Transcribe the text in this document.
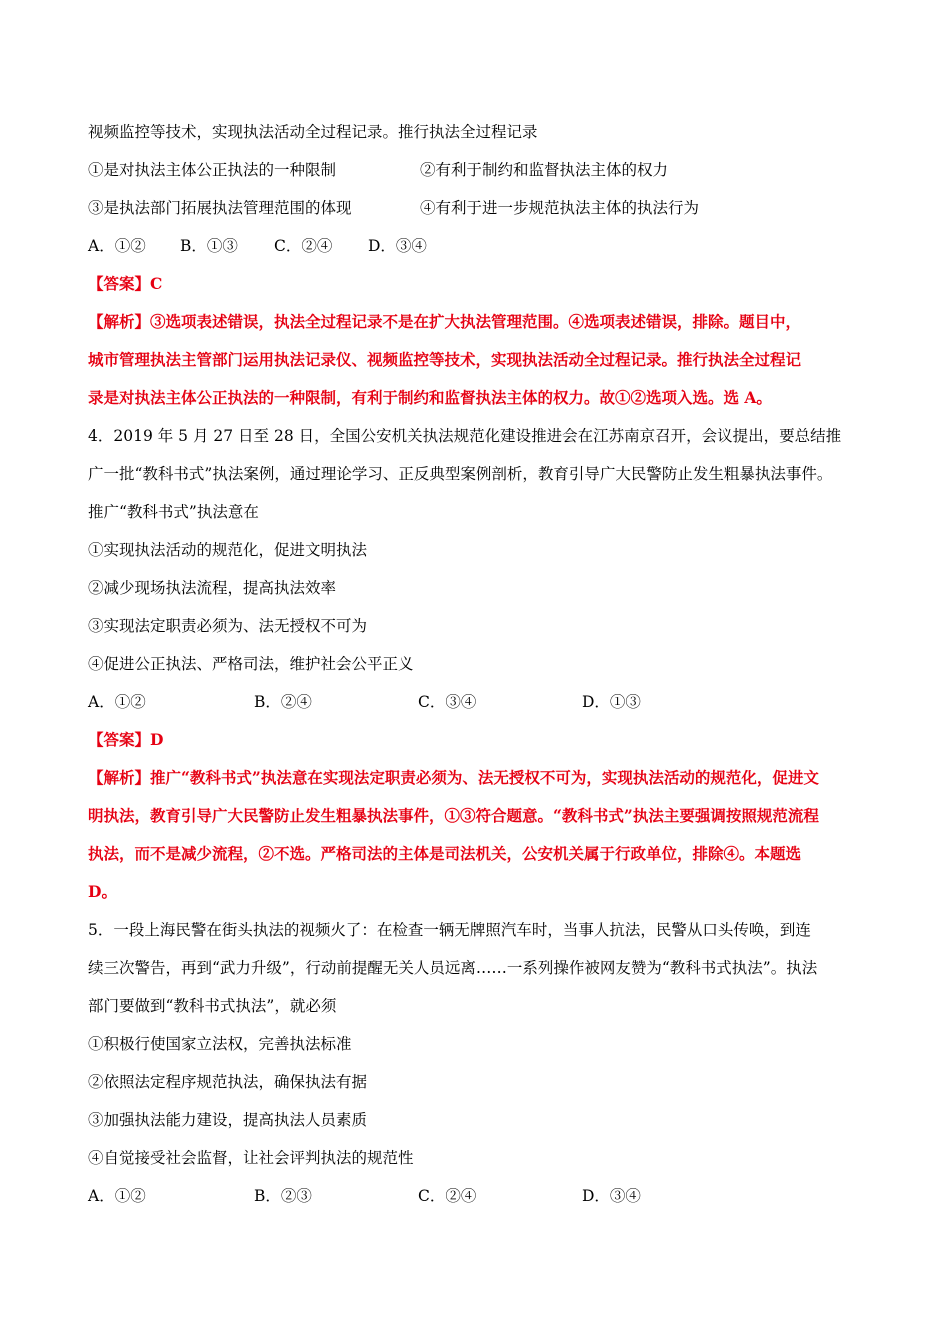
视频监控等技术，实现执法活动全过程记录。推行执法全过程记录
①是对执法主体公正执法的一种限制	②有利于制约和监督执法主体的权力
③是执法部门拓展执法管理范围的体现	④有利于进一步规范执法主体的执法行为
A．①② B．①③ C．②④ D．③④
【答案】C
【解析】③选项表述错误，执法全过程记录不是在扩大执法管理范围。④选项表述错误，排除。题目中，
城市管理执法主管部门运用执法记录仪、视频监控等技术，实现执法活动全过程记录。推行执法全过程记
录是对执法主体公正执法的一种限制，有利于制约和监督执法主体的权力。故①②选项入选。选 A。
4．2019 年 5 月 27 日至 28 日，全国公安机关执法规范化建设推进会在江苏南京召开，会议提出，要总结推
广一批“教科书式”执法案例，通过理论学习、正反典型案例剖析，教育引导广大民警防止发生粗暴执法事件。
推广“教科书式”执法意在
①实现执法活动的规范化，促进文明执法
②减少现场执法流程，提高执法效率
③实现法定职责必须为、法无授权不可为
④促进公正执法、严格司法，维护社会公平正义
A．①②	B．②④	C．③④	D．①③
【答案】D
【解析】推广“教科书式”执法意在实现法定职责必须为、法无授权不可为，实现执法活动的规范化，促进文
明执法，教育引导广大民警防止发生粗暴执法事件，①③符合题意。“教科书式”执法主要强调按照规范流程
执法，而不是减少流程，②不选。严格司法的主体是司法机关，公安机关属于行政单位，排除④。本题选
D。
5．一段上海民警在街头执法的视频火了：在检查一辆无牌照汽车时，当事人抗法，民警从口头传唤，到连
续三次警告，再到“武力升级”，行动前提醒无关人员远离……一系列操作被网友赞为“教科书式执法”。执法
部门要做到“教科书式执法”，就必须
①积极行使国家立法权，完善执法标准
②依照法定程序规范执法，确保执法有据
③加强执法能力建设，提高执法人员素质
④自觉接受社会监督，让社会评判执法的规范性
A．①②	B．②③	C．②④	D．③④
